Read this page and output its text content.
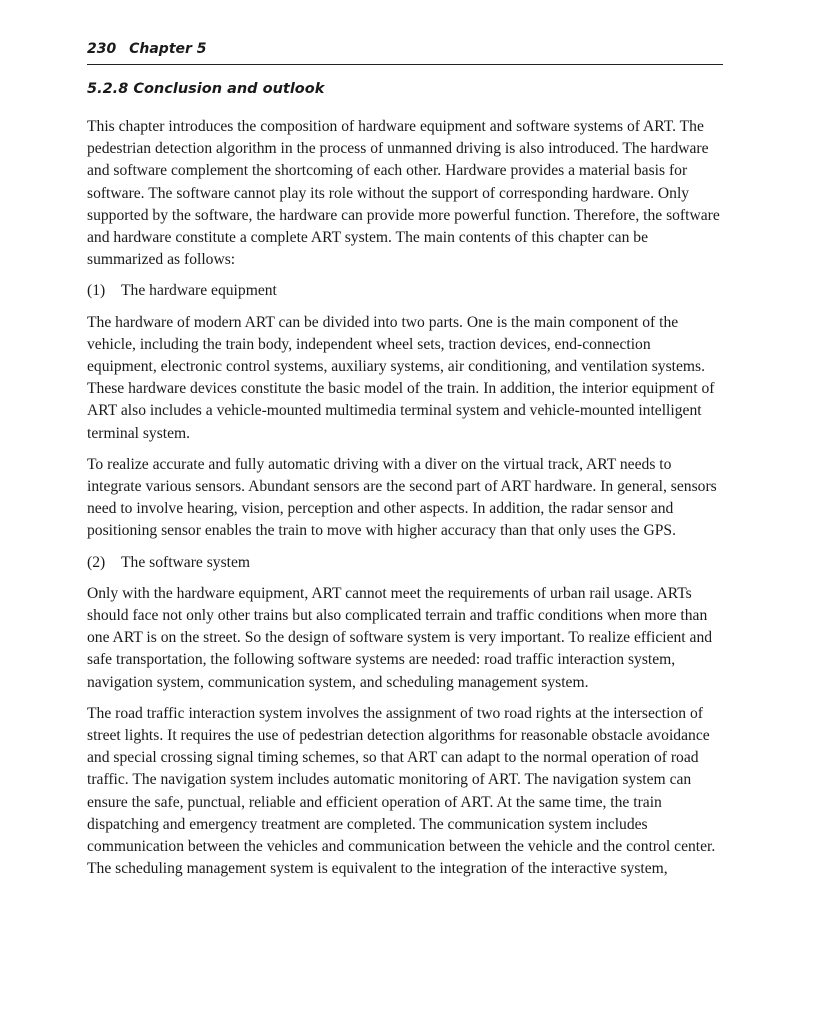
230 Chapter 5
5.2.8 Conclusion and outlook

This chapter introduces the composition of hardware equipment and software systems of ART. The pedestrian detection algorithm in the process of unmanned driving is also introduced. The hardware and software complement the shortcoming of each other. Hardware provides a material basis for software. The software cannot play its role without the support of corresponding hardware. Only supported by the software, the hardware can provide more powerful function. Therefore, the software and hardware constitute a complete ART system. The main contents of this chapter can be summarized as follows:

(1) The hardware equipment

The hardware of modern ART can be divided into two parts. One is the main component of the vehicle, including the train body, independent wheel sets, traction devices, end-connection equipment, electronic control systems, auxiliary systems, air conditioning, and ventilation systems. These hardware devices constitute the basic model of the train. In addition, the interior equipment of ART also includes a vehicle-mounted multimedia terminal system and vehicle-mounted intelligent terminal system.

To realize accurate and fully automatic driving with a diver on the virtual track, ART needs to integrate various sensors. Abundant sensors are the second part of ART hardware. In general, sensors need to involve hearing, vision, perception and other aspects. In addition, the radar sensor and positioning sensor enables the train to move with higher accuracy than that only uses the GPS.

(2) The software system

Only with the hardware equipment, ART cannot meet the requirements of urban rail usage. ARTs should face not only other trains but also complicated terrain and traffic conditions when more than one ART is on the street. So the design of software system is very important. To realize efficient and safe transportation, the following software systems are needed: road traffic interaction system, navigation system, communication system, and scheduling management system.

The road traffic interaction system involves the assignment of two road rights at the intersection of street lights. It requires the use of pedestrian detection algorithms for reasonable obstacle avoidance and special crossing signal timing schemes, so that ART can adapt to the normal operation of road traffic. The navigation system includes automatic monitoring of ART. The navigation system can ensure the safe, punctual, reliable and efficient operation of ART. At the same time, the train dispatching and emergency treatment are completed. The communication system includes communication between the vehicles and communication between the vehicle and the control center. The scheduling management system is equivalent to the integration of the interactive system,
